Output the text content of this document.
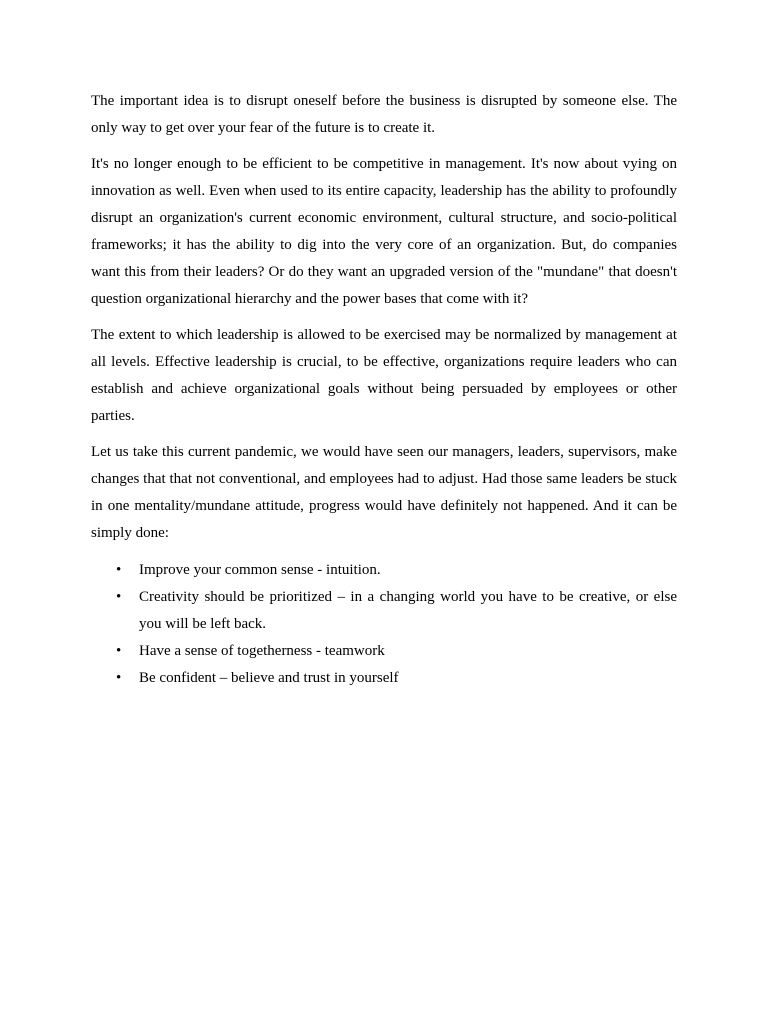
The important idea is to disrupt oneself before the business is disrupted by someone else. The only way to get over your fear of the future is to create it.

It's no longer enough to be efficient to be competitive in management. It's now about vying on innovation as well. Even when used to its entire capacity, leadership has the ability to profoundly disrupt an organization's current economic environment, cultural structure, and socio-political frameworks; it has the ability to dig into the very core of an organization. But, do companies want this from their leaders? Or do they want an upgraded version of the "mundane" that doesn't question organizational hierarchy and the power bases that come with it?

The extent to which leadership is allowed to be exercised may be normalized by management at all levels. Effective leadership is crucial, to be effective, organizations require leaders who can establish and achieve organizational goals without being persuaded by employees or other parties.

Let us take this current pandemic, we would have seen our managers, leaders, supervisors, make changes that that not conventional, and employees had to adjust. Had those same leaders be stuck in one mentality/mundane attitude, progress would have definitely not happened. And it can be simply done:

• Improve your common sense - intuition.
• Creativity should be prioritized – in a changing world you have to be creative, or else you will be left back.
• Have a sense of togetherness - teamwork
• Be confident – believe and trust in yourself
